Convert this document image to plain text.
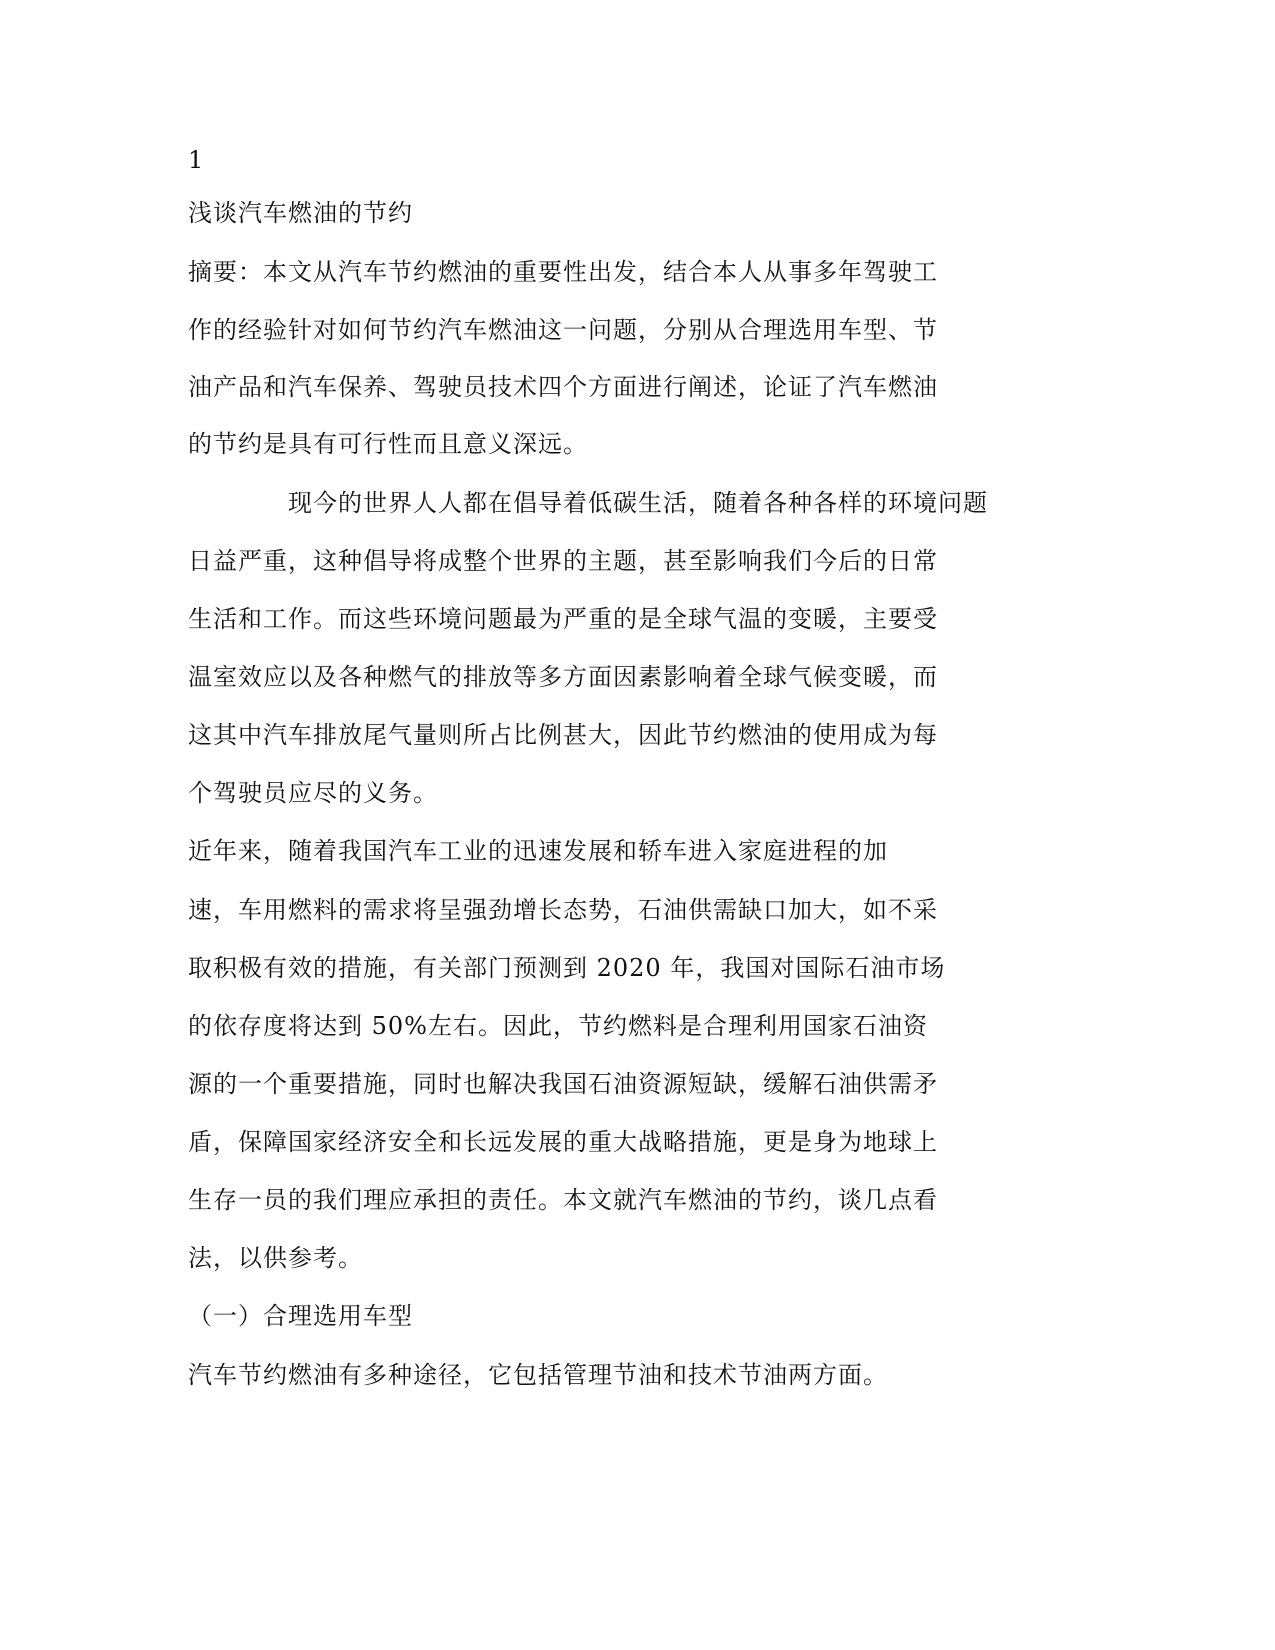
1
浅谈汽车燃油的节约
摘要：本文从汽车节约燃油的重要性出发，结合本人从事多年驾驶工
作的经验针对如何节约汽车燃油这一问题，分别从合理选用车型、节
油产品和汽车保养、驾驶员技术四个方面进行阐述，论证了汽车燃油
的节约是具有可行性而且意义深远。
现今的世界人人都在倡导着低碳生活，随着各种各样的环境问题
日益严重，这种倡导将成整个世界的主题，甚至影响我们今后的日常
生活和工作。而这些环境问题最为严重的是全球气温的变暖，主要受
温室效应以及各种燃气的排放等多方面因素影响着全球气候变暖，而
这其中汽车排放尾气量则所占比例甚大，因此节约燃油的使用成为每
个驾驶员应尽的义务。
近年来，随着我国汽车工业的迅速发展和轿车进入家庭进程的加
速，车用燃料的需求将呈强劲增长态势，石油供需缺口加大，如不采
取积极有效的措施，有关部门预测到 2020 年，我国对国际石油市场
的依存度将达到 50%左右。因此，节约燃料是合理利用国家石油资
源的一个重要措施，同时也解决我国石油资源短缺，缓解石油供需矛
盾，保障国家经济安全和长远发展的重大战略措施，更是身为地球上
生存一员的我们理应承担的责任。本文就汽车燃油的节约，谈几点看
法，以供参考。
（一）合理选用车型
汽车节约燃油有多种途径，它包括管理节油和技术节油两方面。
